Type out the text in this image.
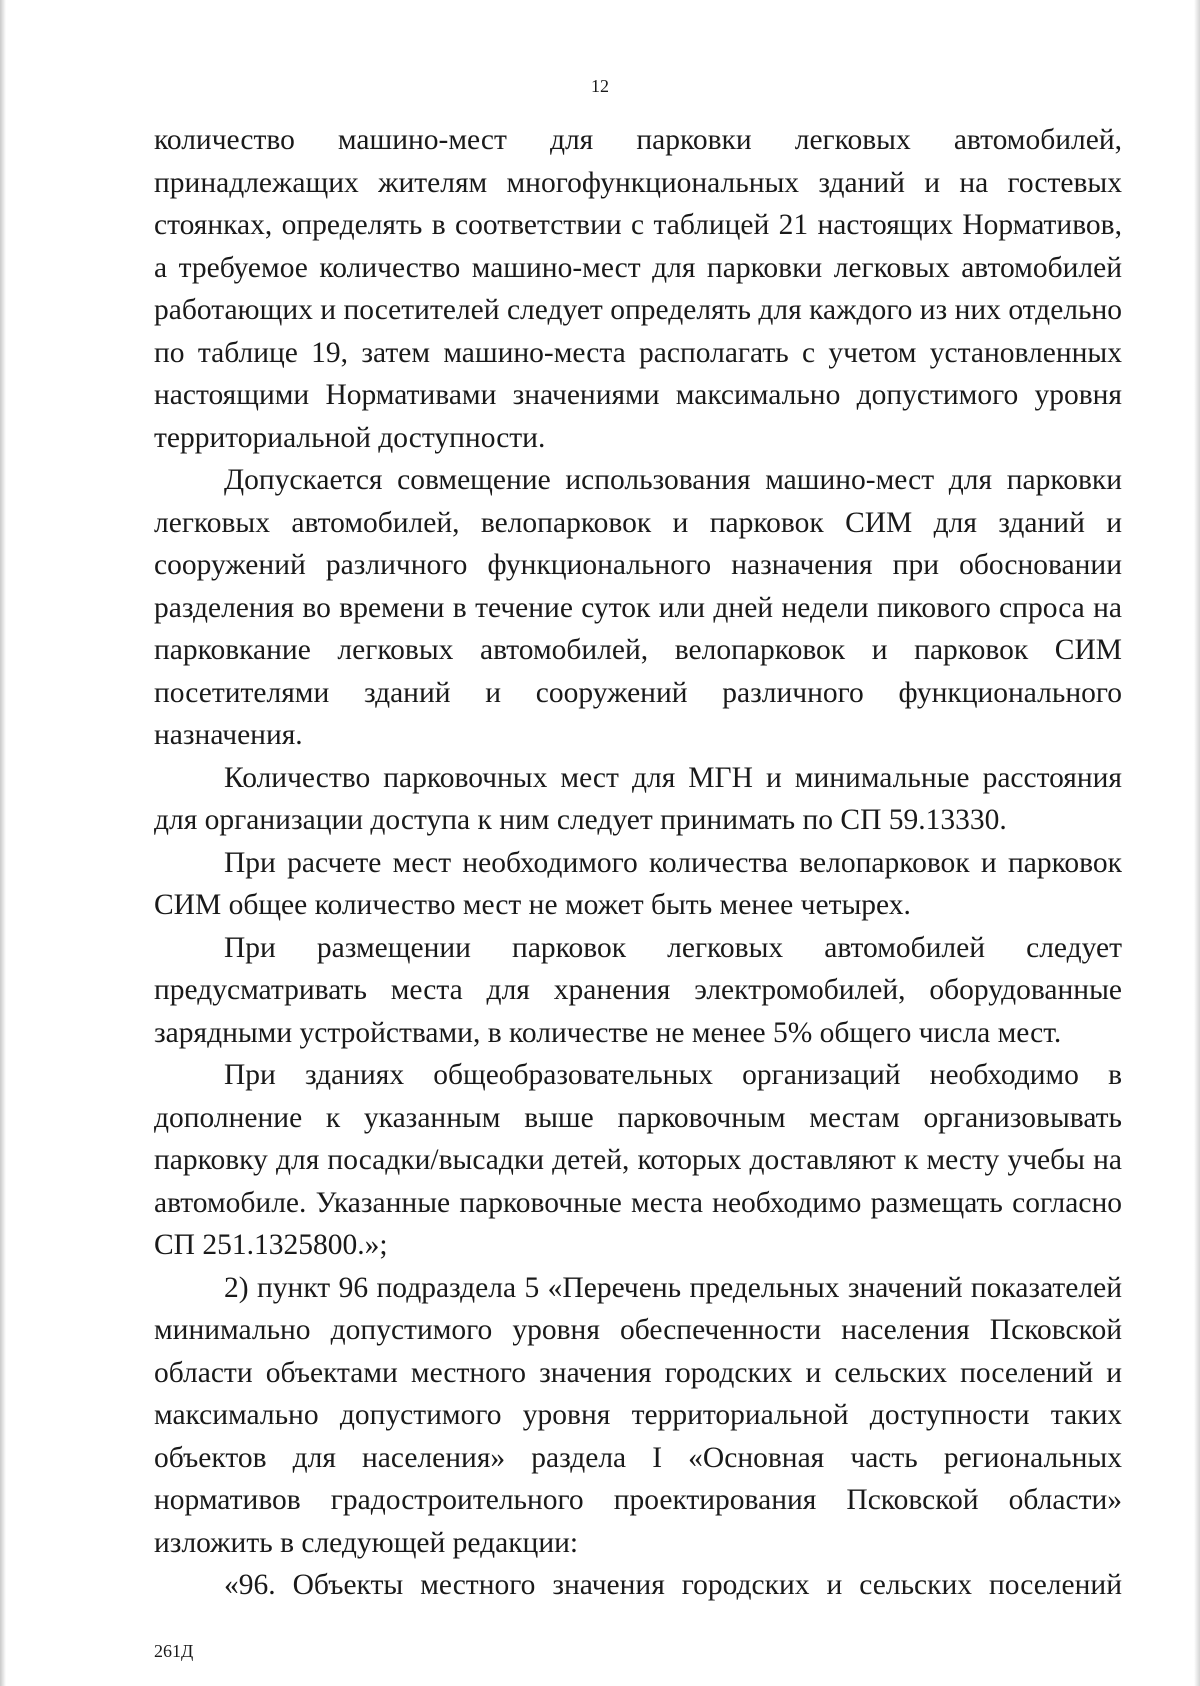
12

количество машино-мест для парковки легковых автомобилей, принадлежащих жителям многофункциональных зданий и на гостевых стоянках, определять в соответствии с таблицей 21 настоящих Нормативов, а требуемое количество машино-мест для парковки легковых автомобилей работающих и посетителей следует определять для каждого из них отдельно по таблице 19, затем машино-места располагать с учетом установленных настоящими Нормативами значениями максимально допустимого уровня территориальной доступности.

Допускается совмещение использования машино-мест для парковки легковых автомобилей, велопарковок и парковок СИМ для зданий и сооружений различного функционального назначения при обосновании разделения во времени в течение суток или дней недели пикового спроса на парковкание легковых автомобилей, велопарковок и парковок СИМ посетителями зданий и сооружений различного функционального назначения.

Количество парковочных мест для МГН и минимальные расстояния для организации доступа к ним следует принимать по СП 59.13330.

При расчете мест необходимого количества велопарковок и парковок СИМ общее количество мест не может быть менее четырех.

При размещении парковок легковых автомобилей следует предусматривать места для хранения электромобилей, оборудованные зарядными устройствами, в количестве не менее 5% общего числа мест.

При зданиях общеобразовательных организаций необходимо в дополнение к указанным выше парковочным местам организовывать парковку для посадки/высадки детей, которых доставляют к месту учебы на автомобиле. Указанные парковочные места необходимо размещать согласно СП 251.1325800.»;

2) пункт 96 подраздела 5 «Перечень предельных значений показателей минимально допустимого уровня обеспеченности населения Псковской области объектами местного значения городских и сельских поселений и максимально допустимого уровня территориальной доступности таких объектов для населения» раздела I «Основная часть региональных нормативов градостроительного проектирования Псковской области» изложить в следующей редакции:

«96. Объекты местного значения городских и сельских поселений

261Д
